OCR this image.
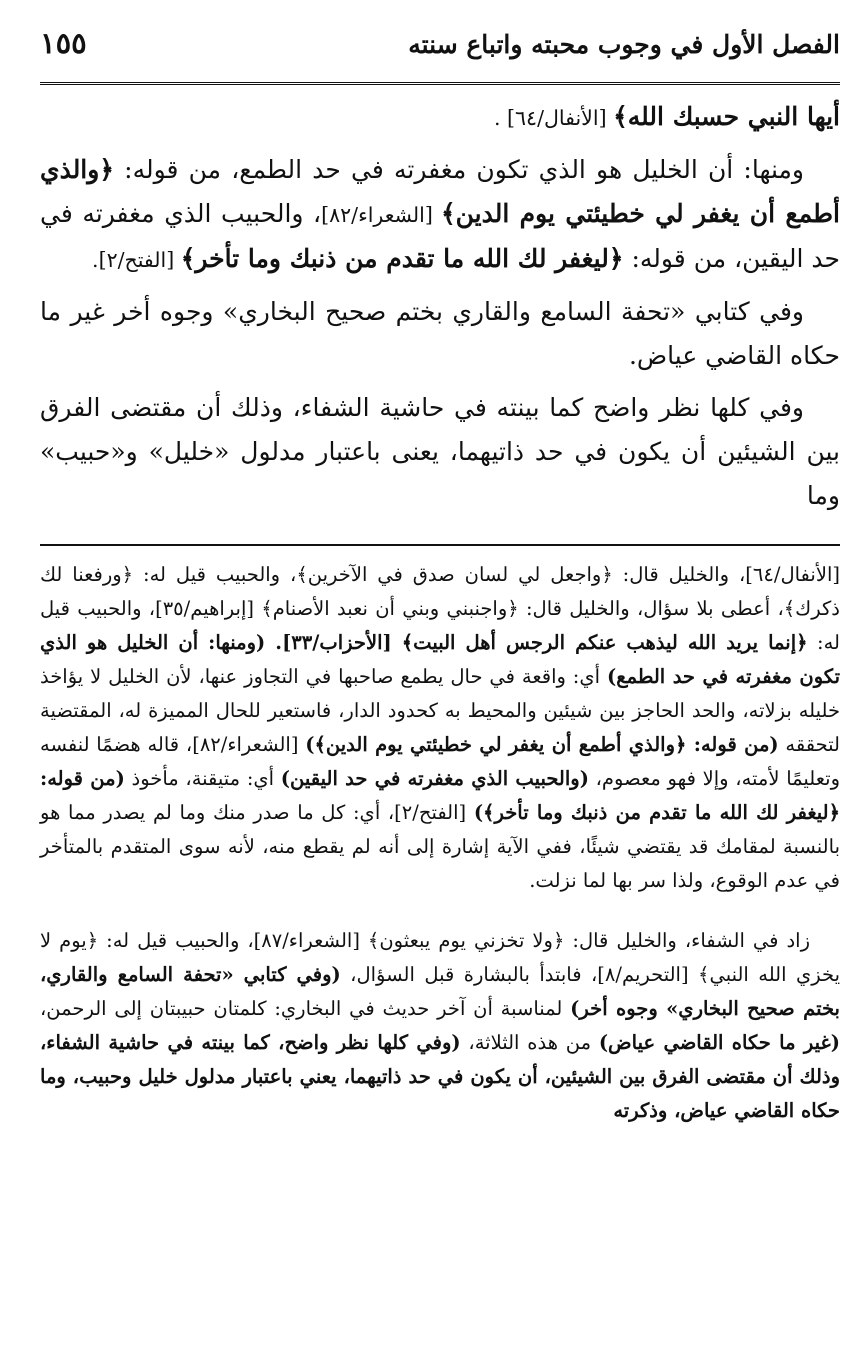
الفصل الأول في وجوب محبته واتباع سنته
١٥٥

أيها النبي حسبك الله﴾ [الأنفال/٦٤] .

ومنها: أن الخليل هو الذي تكون مغفرته في حد الطمع، من قوله: ﴿والذي أطمع أن يغفر لي خطيئتي يوم الدين﴾ [الشعراء/٨٢]، والحبيب الذي مغفرته في حد اليقين، من قوله: ﴿ليغفر لك الله ما تقدم من ذنبك وما تأخر﴾ [الفتح/٢].

وفي كتابي «تحفة السامع والقاري بختم صحيح البخاري» وجوه أخر غير ما حكاه القاضي عياض.

وفي كلها نظر واضح كما بينته في حاشية الشفاء، وذلك أن مقتضى الفرق بين الشيئين أن يكون في حد ذاتيهما، يعنى باعتبار مدلول «خليل» و«حبيب» وما

[الأنفال/٦٤]، والخليل قال: ﴿واجعل لي لسان صدق في الآخرين﴾، والحبيب قيل له: ﴿ورفعنا لك ذكرك﴾، أعطى بلا سؤال، والخليل قال: ﴿واجنبني وبني أن نعبد الأصنام﴾ [إبراهيم/٣٥]، والحبيب قيل له: ﴿إنما يريد الله ليذهب عنكم الرجس أهل البيت﴾ [الأحزاب/٣٣]. (ومنها: أن الخليل هو الذي تكون مغفرته في حد الطمع) أي: واقعة في حال يطمع صاحبها في التجاوز عنها، لأن الخليل لا يؤاخذ خليله بزلاته، والحد الحاجز بين شيئين والمحيط به كحدود الدار، فاستعير للحال المميزة له، المقتضية لتحققه (من قوله: ﴿والذي أطمع أن يغفر لي خطيئتي يوم الدين﴾) [الشعراء/٨٢]، قاله هضمًا لنفسه وتعليمًا لأمته، وإلا فهو معصوم، (والحبيب الذي مغفرته في حد اليقين) أي: متيقنة، مأخوذ (من قوله: ﴿ليغفر لك الله ما تقدم من ذنبك وما تأخر﴾) [الفتح/٢]، أي: كل ما صدر منك وما لم يصدر مما هو بالنسبة لمقامك قد يقتضي شيئًا، ففي الآية إشارة إلى أنه لم يقطع منه، لأنه سوى المتقدم بالمتأخر في عدم الوقوع، ولذا سر بها لما نزلت.

زاد في الشفاء، والخليل قال: ﴿ولا تخزني يوم يبعثون﴾ [الشعراء/٨٧]، والحبيب قيل له: ﴿يوم لا يخزي الله النبي﴾ [التحريم/٨]، فابتدأ بالبشارة قبل السؤال، (وفي كتابي «تحفة السامع والقاري، بختم صحيح البخاري» وجوه أخر) لمناسبة أن آخر حديث في البخاري: كلمتان حبيبتان إلى الرحمن، (غير ما حكاه القاضي عياض) من هذه الثلاثة، (وفي كلها نظر واضح، كما بينته في حاشية الشفاء، وذلك أن مقتضى الفرق بين الشيئين، أن يكون في حد ذاتيهما، يعني باعتبار مدلول خليل وحبيب، وما حكاه القاضي عياض، وذكرته
